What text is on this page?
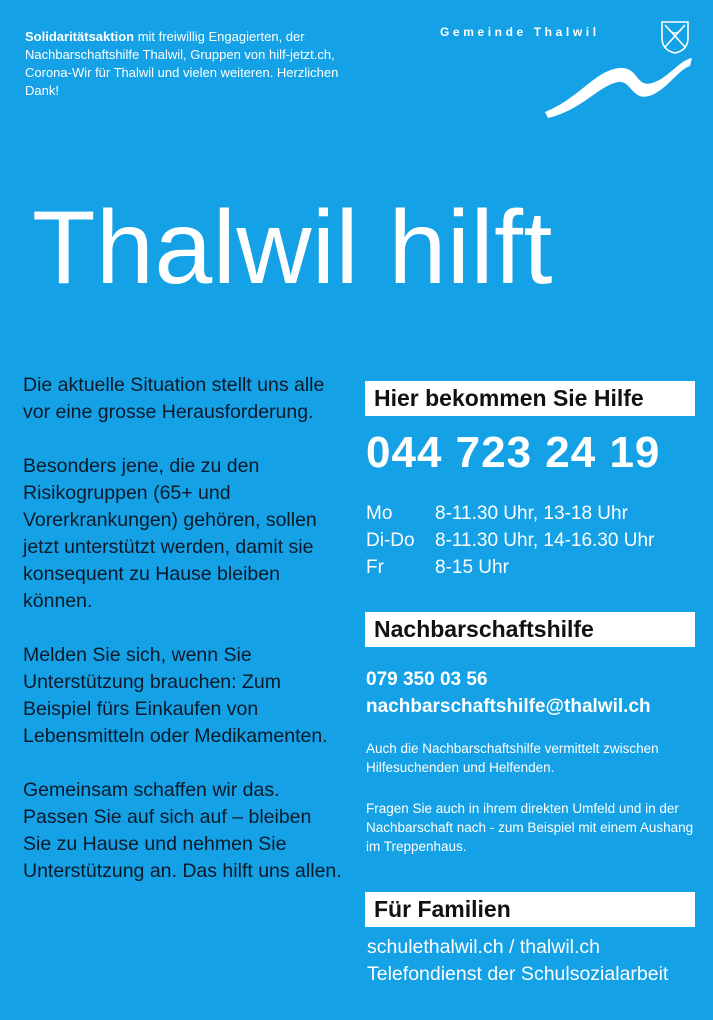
Solidaritätsaktion mit freiwillig Engagierten, der Nachbarschaftshilfe Thalwil, Gruppen von hilf-jetzt.ch, Corona-Wir für Thalwil und vielen weiteren. Herzlichen Dank!
Gemeinde Thalwil
Thalwil hilft

Die aktuelle Situation stellt uns alle vor eine grosse Herausforderung.

Besonders jene, die zu den Risikogruppen (65+ und Vorerkrankungen) gehören, sollen jetzt unterstützt werden, damit sie konsequent zu Hause bleiben können.

Melden Sie sich, wenn Sie Unterstützung brauchen: Zum Beispiel fürs Einkaufen von Lebensmitteln oder Medikamenten.

Gemeinsam schaffen wir das. Passen Sie auf sich auf – bleiben Sie zu Hause und nehmen Sie Unterstützung an. Das hilft uns allen.

Hier bekommen Sie Hilfe
044 723 24 19
Mo	8-11.30 Uhr, 13-18 Uhr
Di-Do	8-11.30 Uhr, 14-16.30 Uhr
Fr	8-15 Uhr
Nachbarschaftshilfe
079 350 03 56
nachbarschaftshilfe@thalwil.ch
Auch die Nachbarschaftshilfe vermittelt zwischen Hilfesuchenden und Helfenden.
Fragen Sie auch in ihrem direkten Umfeld und in der Nachbarschaft nach - zum Beispiel mit einem Aushang im Treppenhaus.
Für Familien
schulethalwil.ch / thalwil.ch
Telefondienst der Schulsozialarbeit
